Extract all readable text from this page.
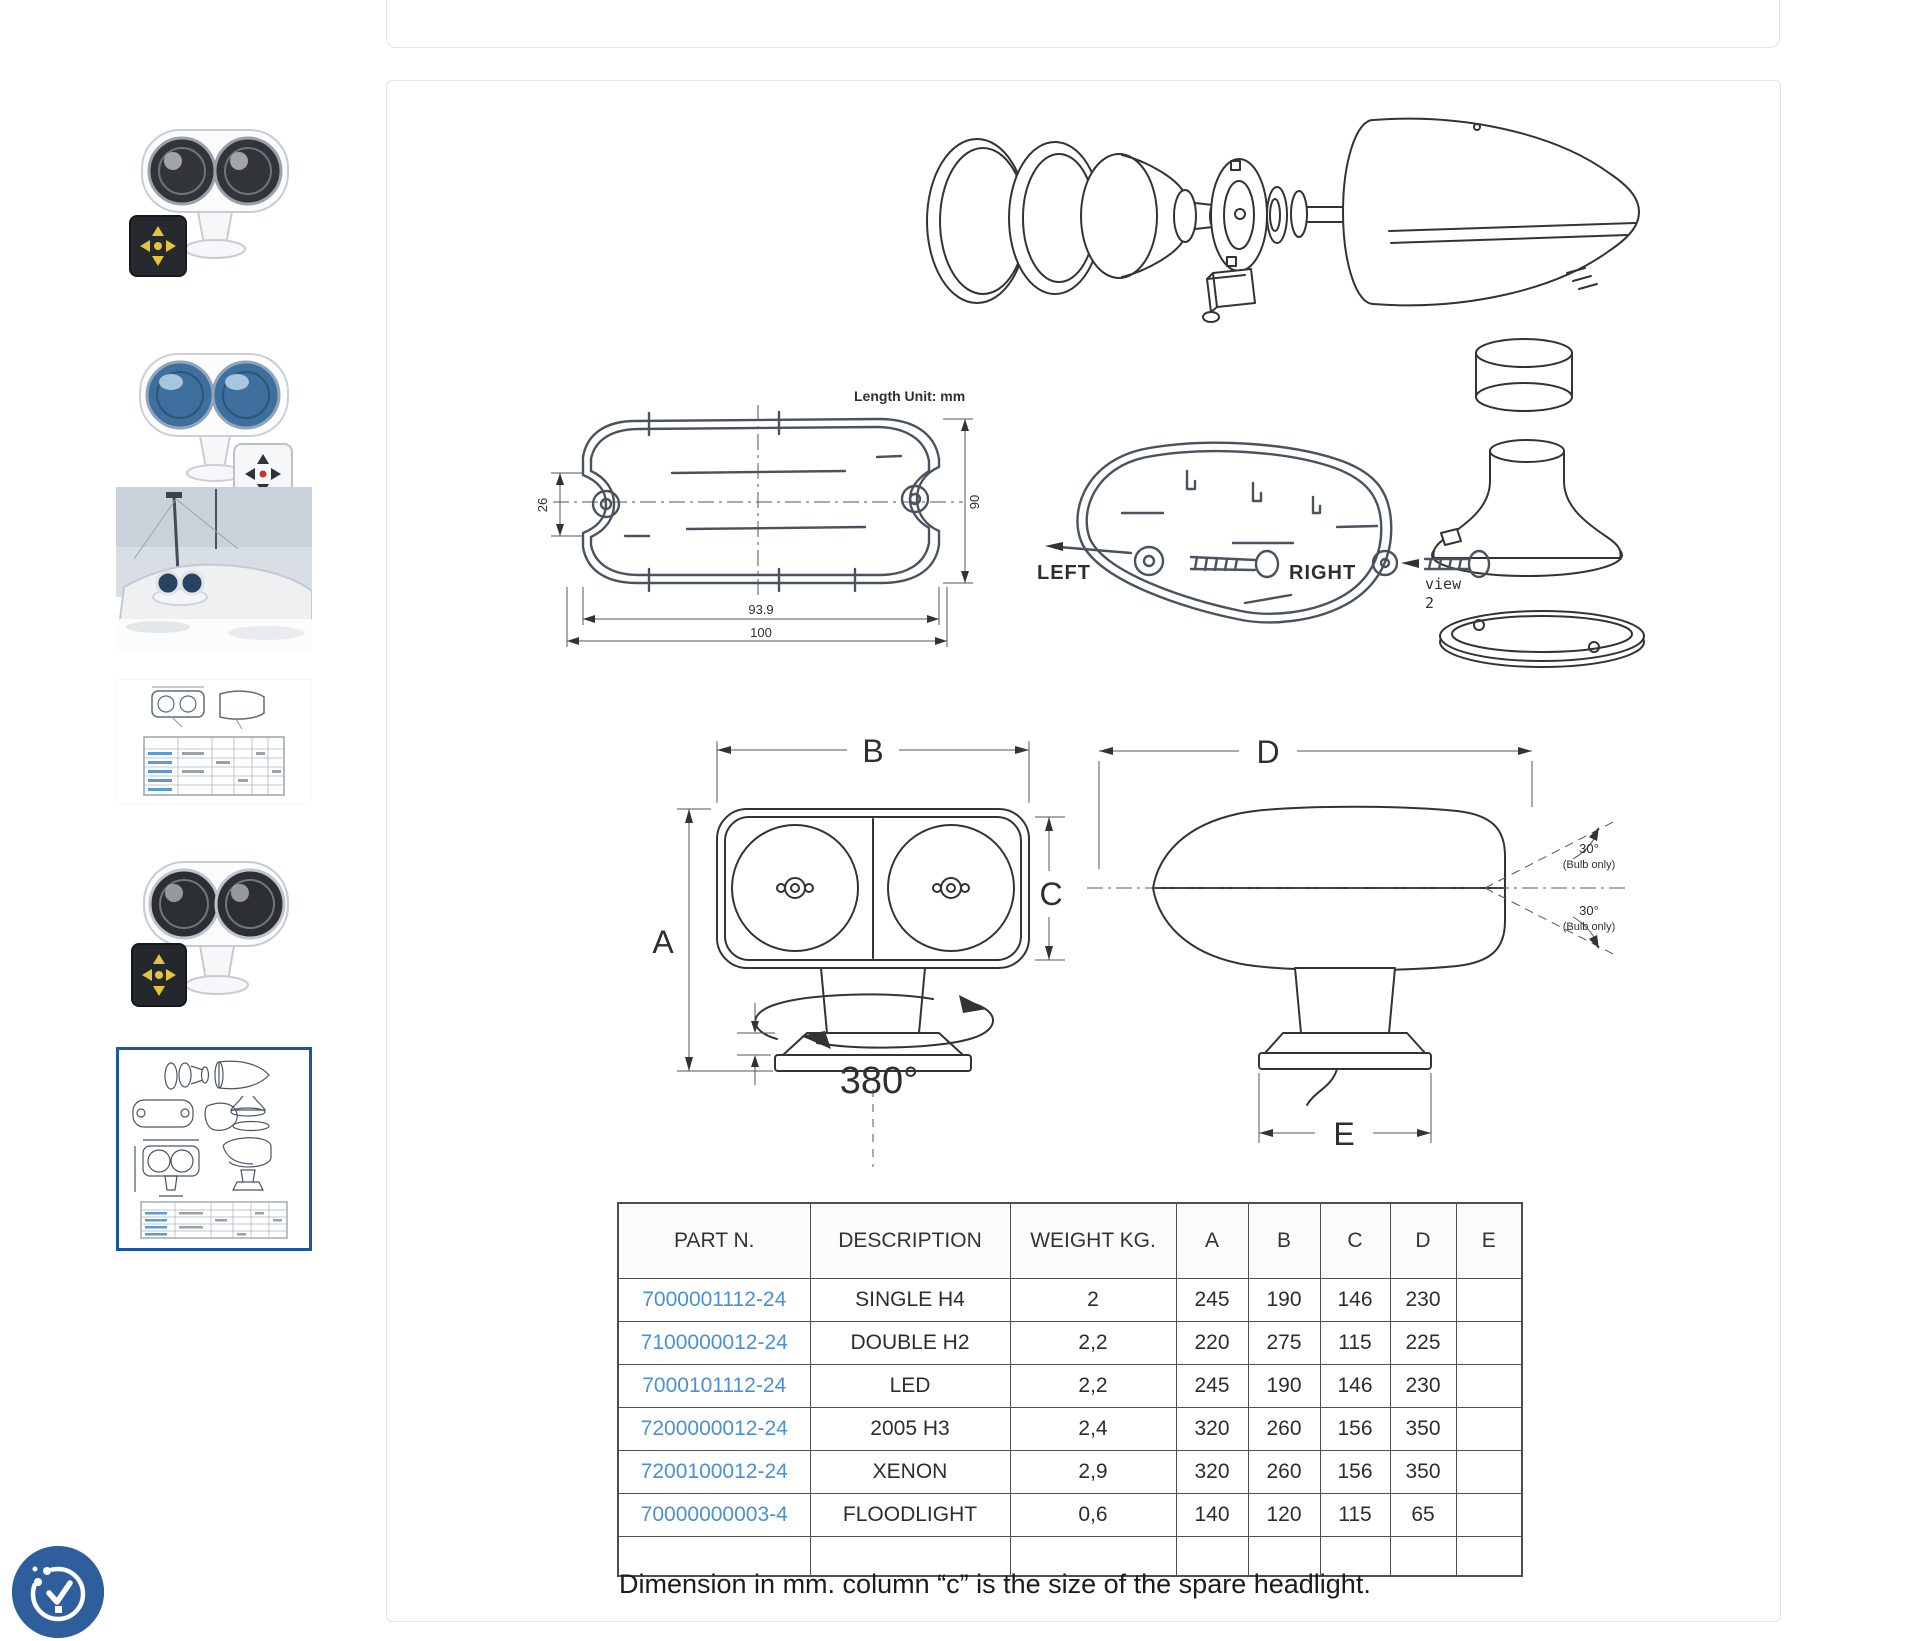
view
2
Length Unit: mm
26	90
93.9
100
LEFT	RIGHT
B
A
C
380°
D
30°
(Bulb only)
30°
(Bulb only)
E
PART N.	DESCRIPTION	WEIGHT KG.	A	B	C	D	E
7000001112-24	SINGLE H4	2	245	190	146	230	
7100000012-24	DOUBLE H2	2,2	220	275	115	225	
7000101112-24	LED	2,2	245	190	146	230	
7200000012-24	2005 H3	2,4	320	260	156	350	
7200100012-24	XENON	2,9	320	260	156	350	
70000000003-4	FLOODLIGHT	0,6	140	120	115	65	

Dimension in mm. column “c” is the size of the spare headlight.
